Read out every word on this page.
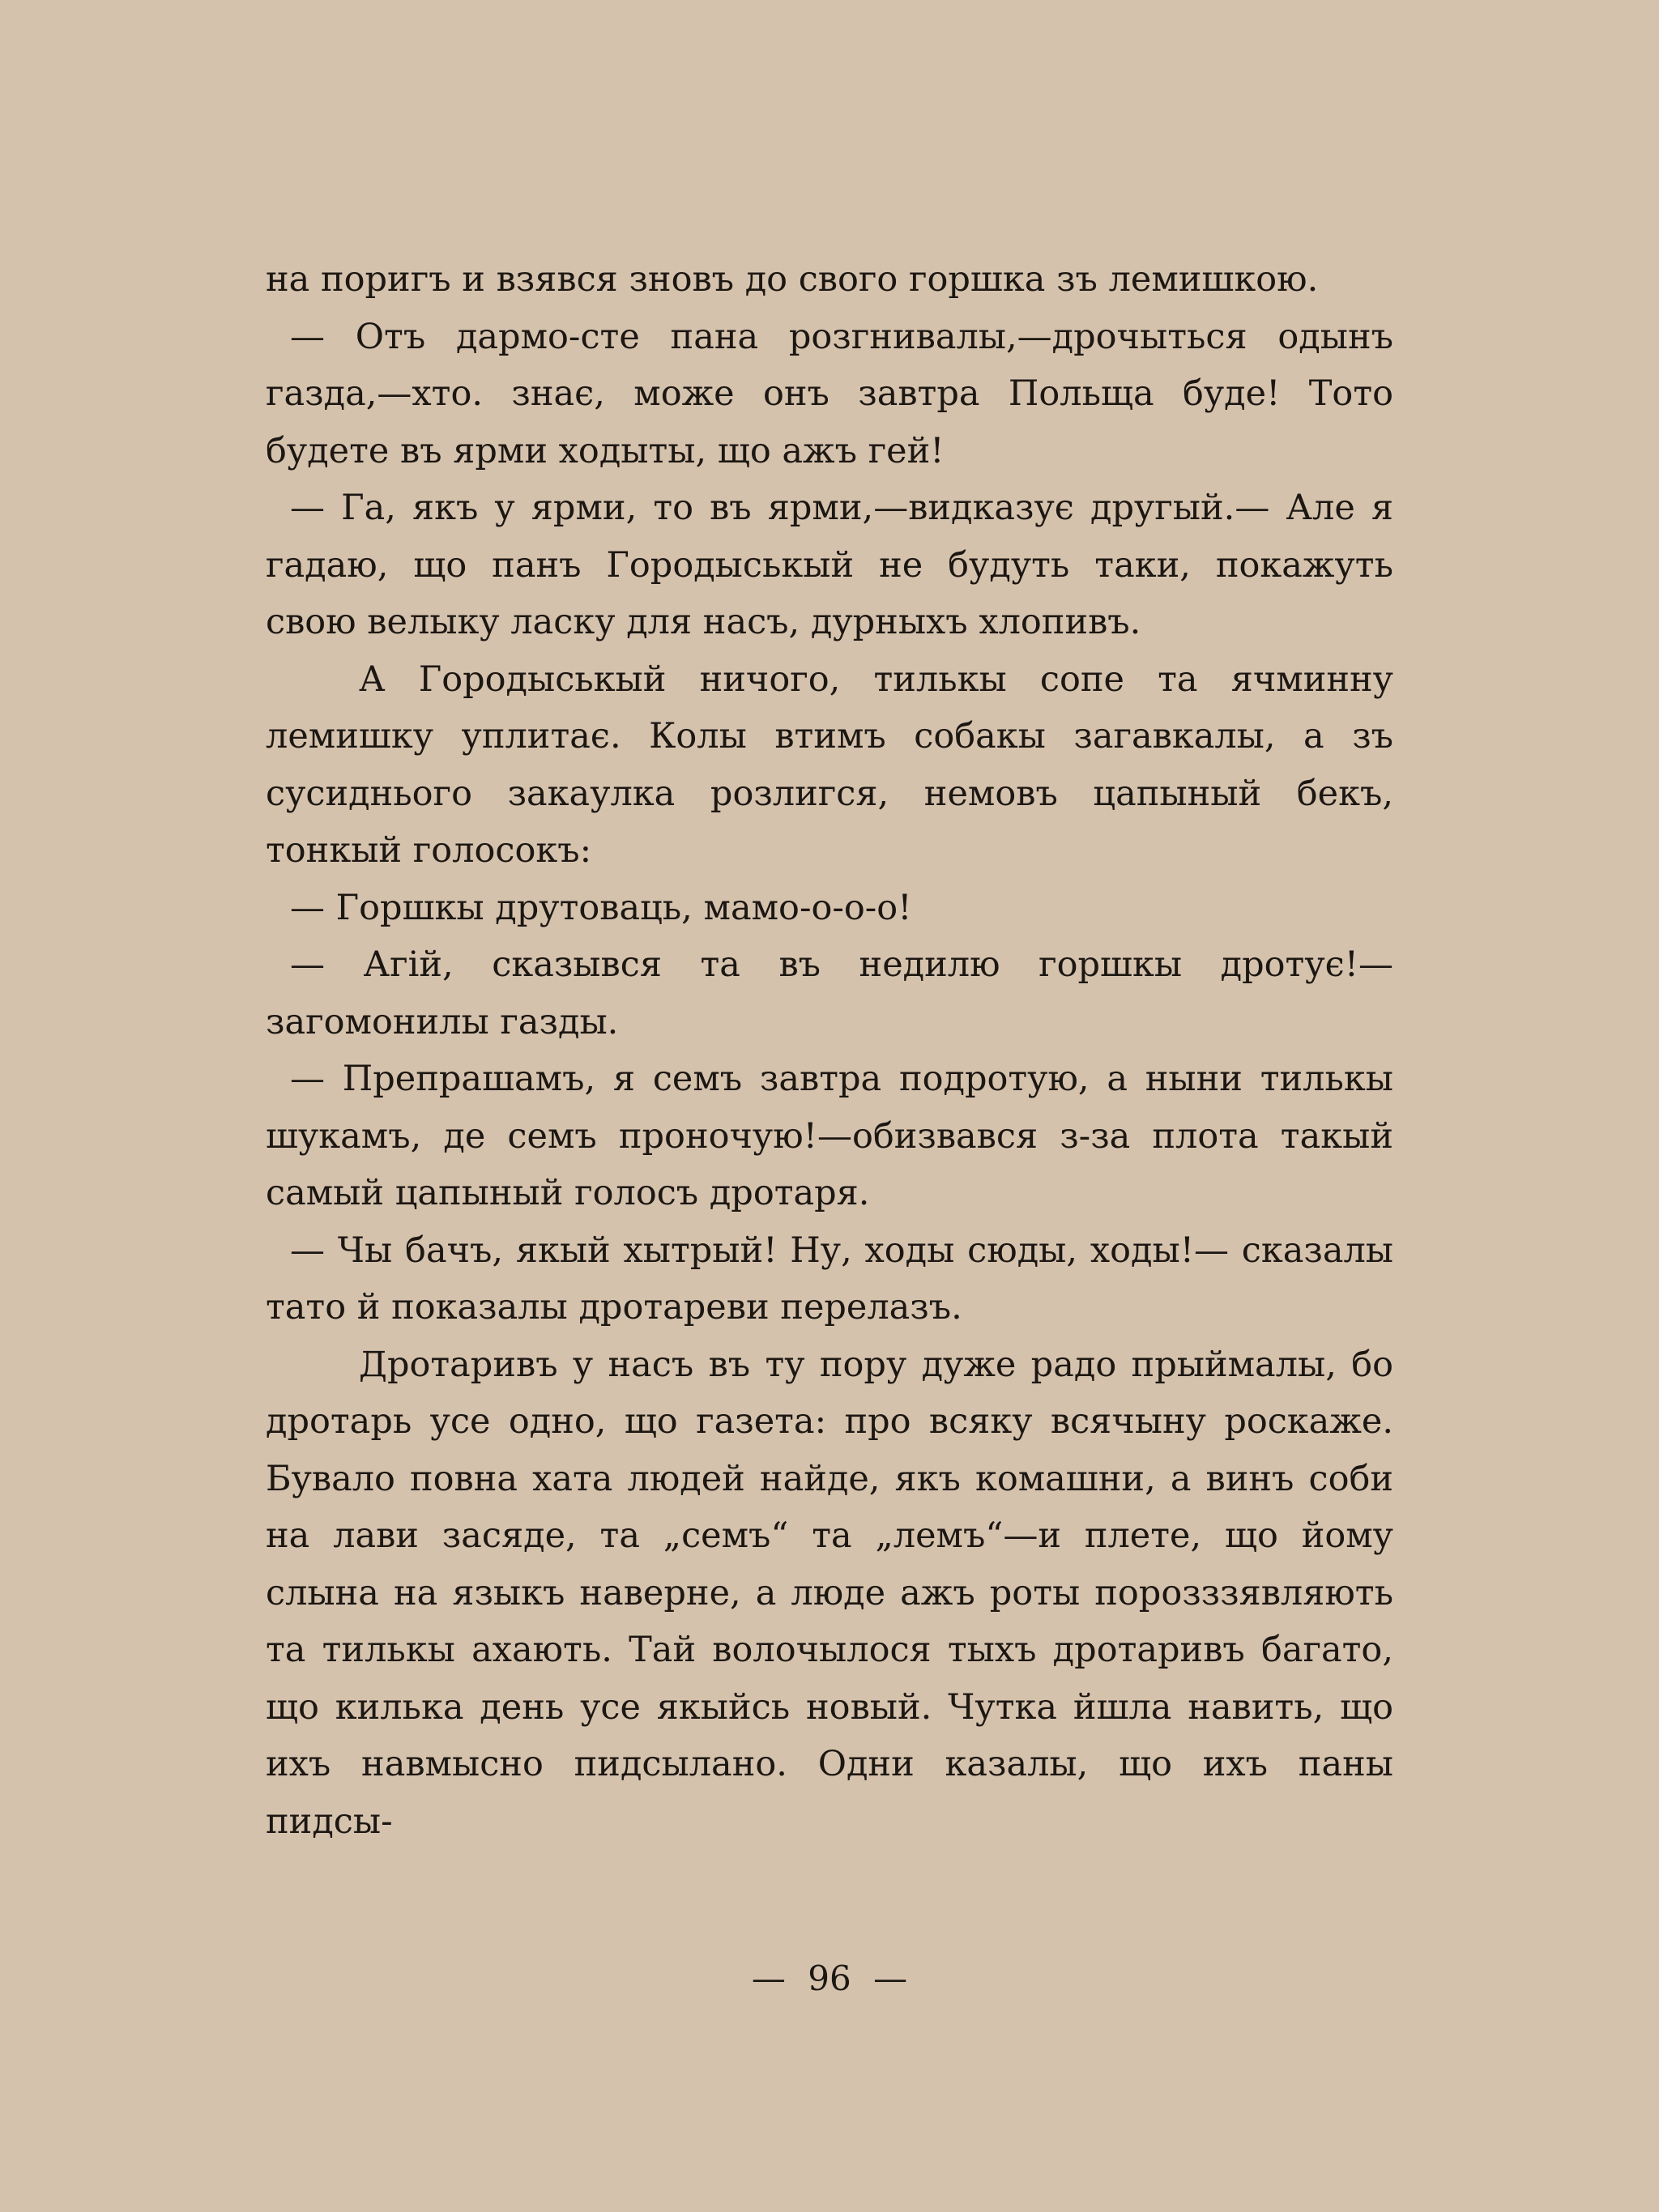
на поригъ и взявся зновъ до свого горшка зъ лемишкою.

— Отъ дармо-сте пана розгнивалы,—дрочыться одынъ газда,—хто. знає, може онъ завтра Польща буде! Тото будете въ ярми ходыты, що ажъ гей!

— Га, якъ у ярми, то въ ярми,—видказує другый.— Але я гадаю, що панъ Городыськый не будуть таки, покажуть свою велыку ласку для насъ, дурныхъ хлопивъ.

А Городыськый ничого, тилькы сопе та ячминну лемишку уплитає. Колы втимъ собакы загавкалы, а зъ сусиднього закаулка розлигся, немовъ цапыный бекъ, тонкый голосокъ:

— Горшкы друтоваць, мамо-о-о-о!

— Агій, сказывся та въ недилю горшкы дротує!— загомонилы газды.

— Препрашамъ, я семъ завтра подротую, а ныни тилькы шукамъ, де семъ проночую!—обизвався з-за плота такый самый цапыный голосъ дротаря.

— Чы бачъ, якый хытрый! Ну, ходы сюды, ходы!— сказалы тато й показалы дротареви перелазъ.

Дротаривъ у насъ въ ту пору дуже радо прыймалы, бо дротарь усе одно, що газета: про всяку всячыну роскаже. Бувало повна хата людей найде, якъ комашни, а винъ соби на лави засяде, та „семъ“ та „лемъ“—и плете, що йому слына на языкъ наверне, а люде ажъ роты порозззявляють та тилькы ахають. Тай волочылося тыхъ дротаривъ багато, що килька день усе якыйсь новый. Чутка йшла навить, що ихъ навмысно пидсылано. Одни казалы, що ихъ паны пидсы-

— 96 —
